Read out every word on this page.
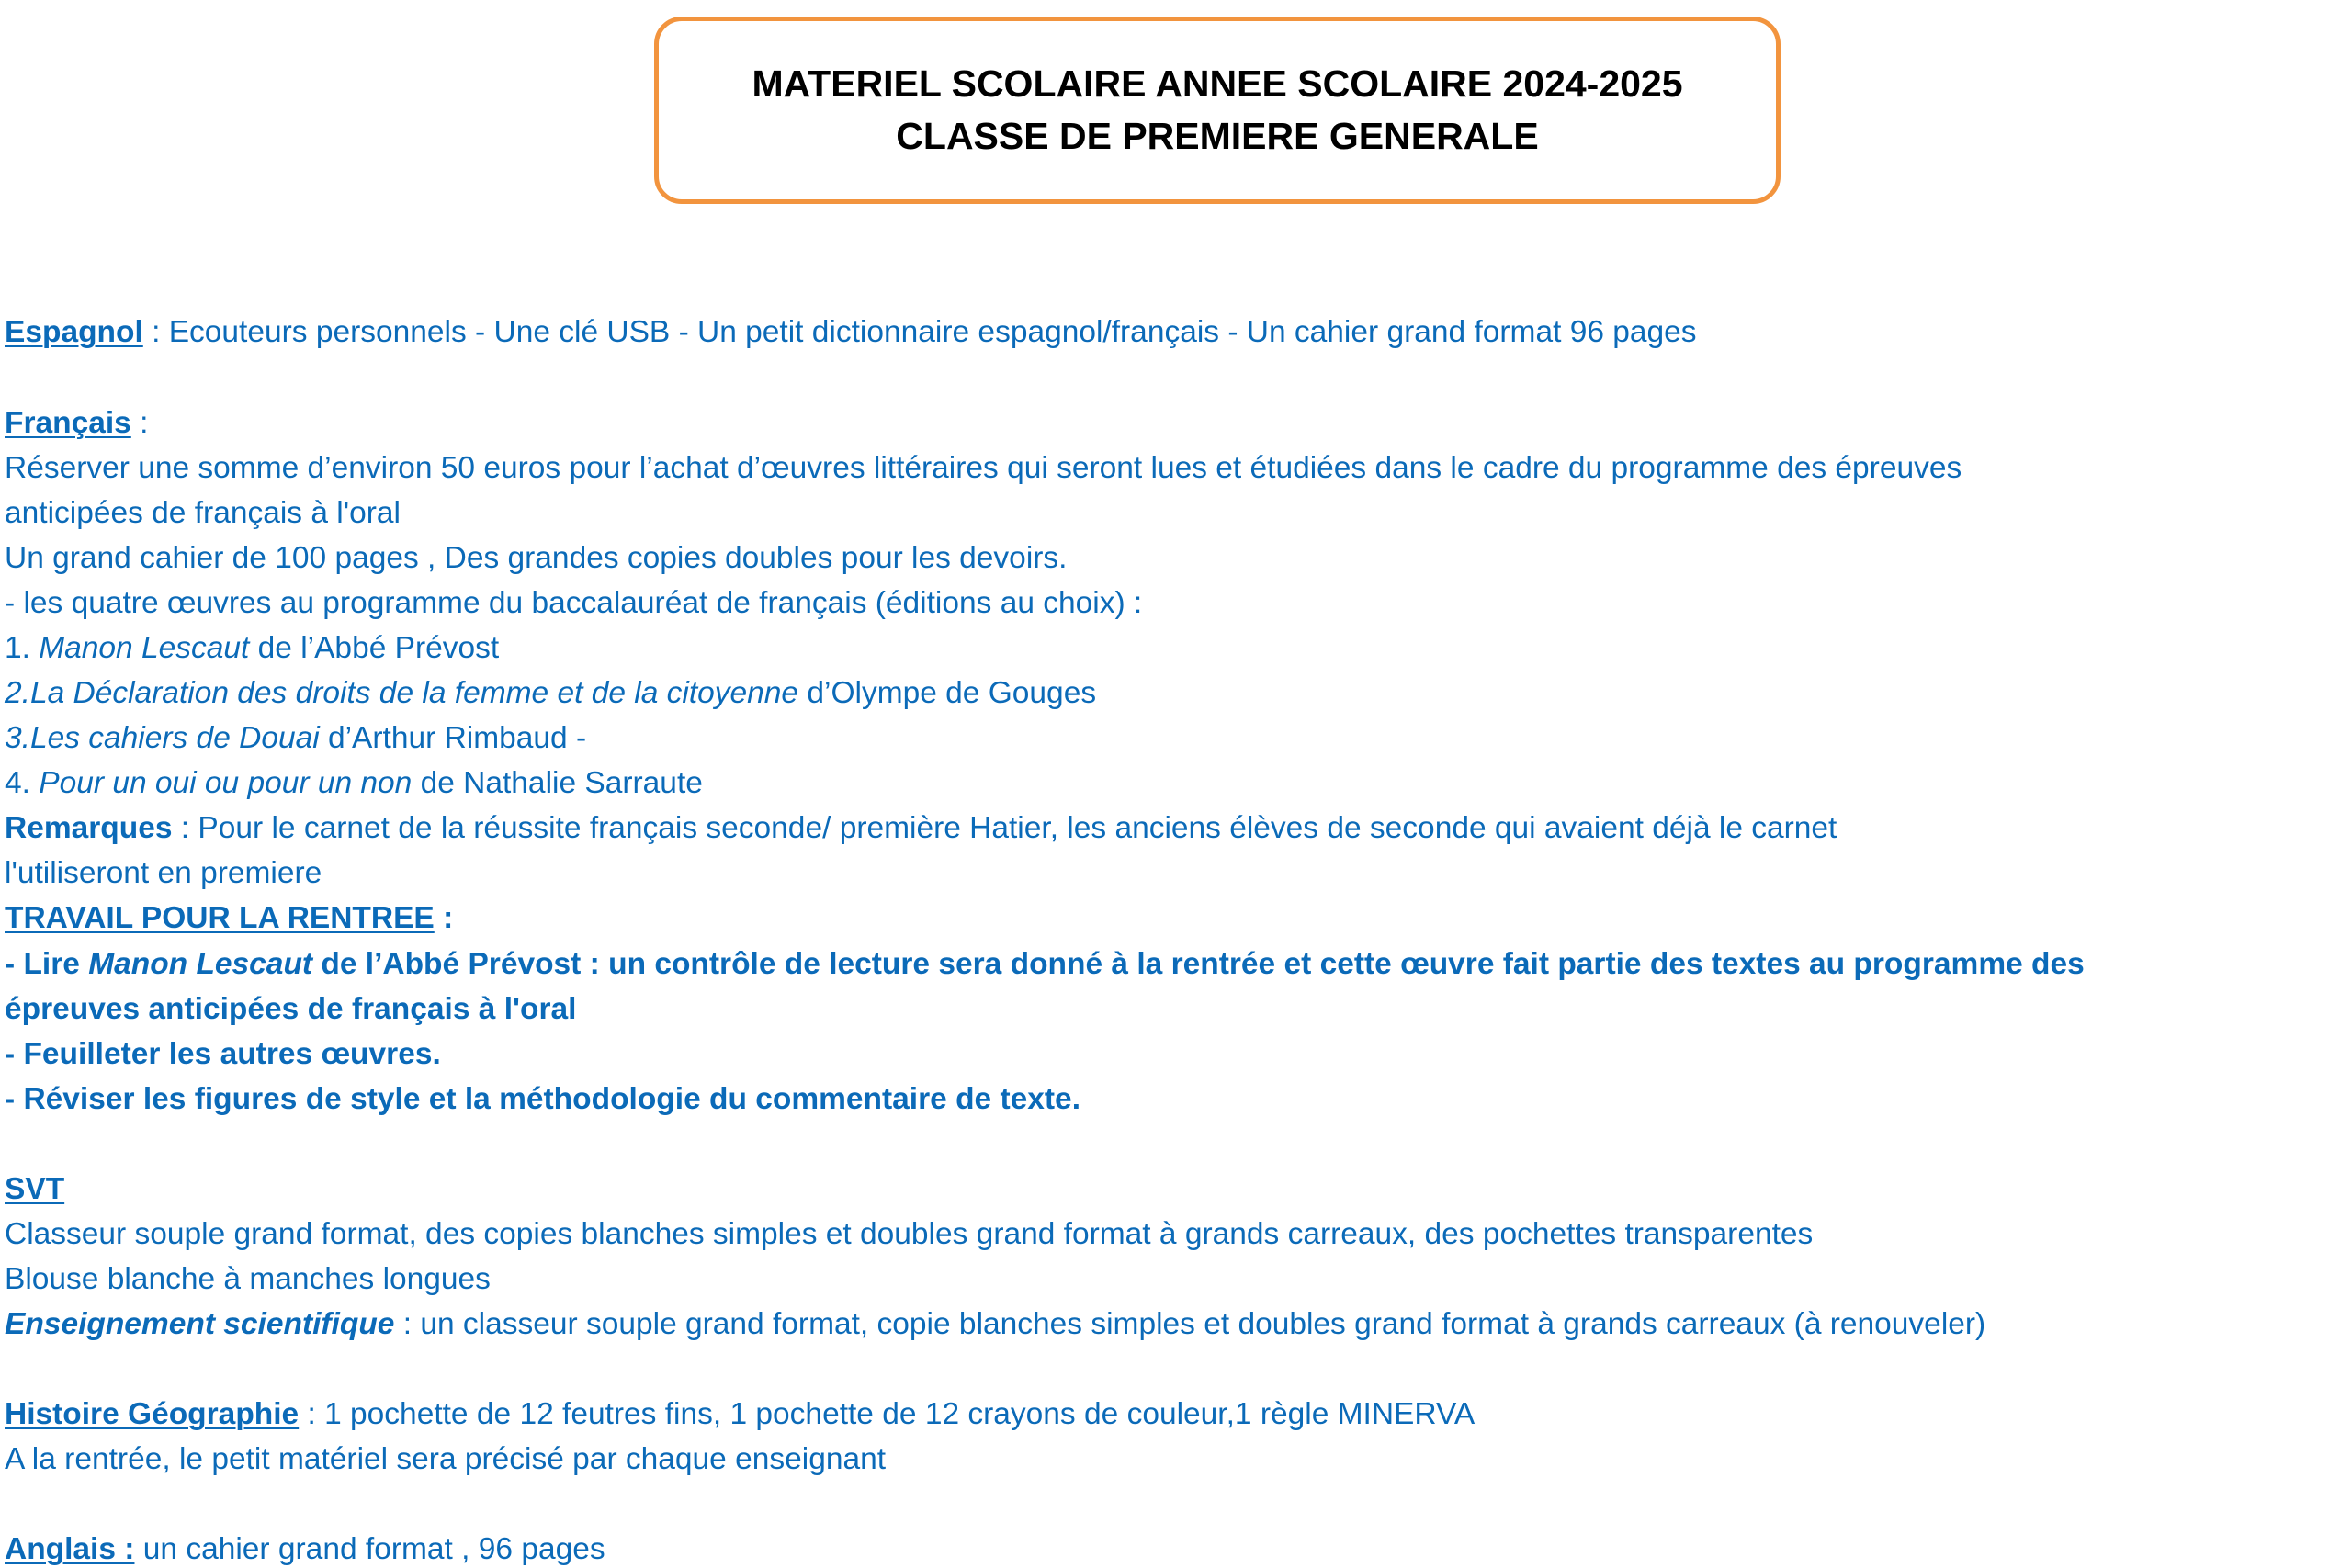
MATERIEL SCOLAIRE ANNEE SCOLAIRE 2024-2025
CLASSE DE PREMIERE GENERALE
Espagnol : Ecouteurs personnels - Une clé USB - Un petit dictionnaire espagnol/français - Un cahier grand format 96 pages
Français :
Réserver une somme d’environ 50 euros pour l’achat d’œuvres littéraires qui seront lues et étudiées dans le cadre du programme des épreuves
anticipées de français à l'oral
Un grand cahier de 100 pages , Des grandes copies doubles pour les devoirs.
- les quatre œuvres au programme du baccalauréat de français (éditions au choix) :
1. Manon Lescaut de l’Abbé Prévost
2.La Déclaration des droits de la femme et de la citoyenne d’Olympe de Gouges
3.Les cahiers de Douai d’Arthur Rimbaud -
4. Pour un oui ou pour un non de Nathalie Sarraute
Remarques : Pour le carnet de la réussite français seconde/ première Hatier, les anciens élèves de seconde qui avaient déjà le carnet
l'utiliseront en premiere
TRAVAIL POUR LA RENTREE :
- Lire Manon Lescaut de l’Abbé Prévost : un contrôle de lecture sera donné à la rentrée et cette œuvre fait partie des textes au programme des
épreuves anticipées de français à l'oral
- Feuilleter les autres œuvres.
- Réviser les figures de style et la méthodologie du commentaire de texte.
SVT
Classeur souple grand format, des copies blanches simples et doubles grand format à grands carreaux, des pochettes transparentes
Blouse blanche à manches longues
Enseignement scientifique : un classeur souple grand format, copie blanches simples et doubles grand format à grands carreaux (à renouveler)
Histoire Géographie : 1 pochette de 12 feutres fins, 1 pochette de 12 crayons de couleur,1 règle MINERVA
A la rentrée, le petit matériel sera précisé par chaque enseignant
Anglais : un cahier grand format , 96 pages
